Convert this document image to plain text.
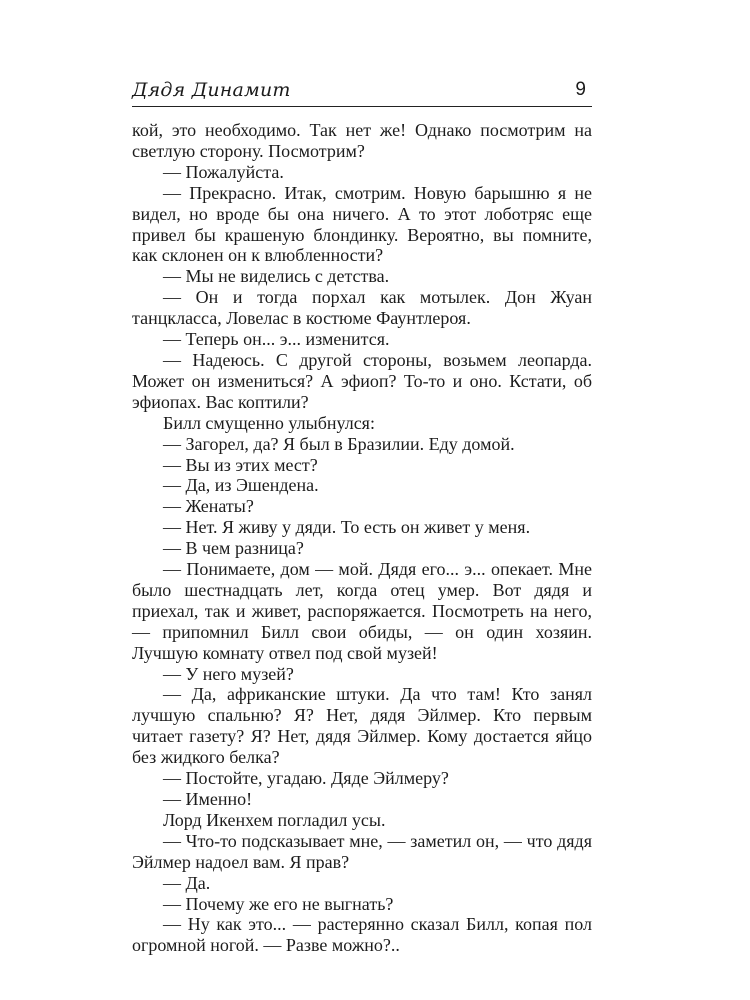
Дядя Динамит	9

кой, это необходимо. Так нет же! Однако посмотрим на светлую сторону. Посмотрим?

— Пожалуйста.

— Прекрасно. Итак, смотрим. Новую барышню я не видел, но вроде бы она ничего. А то этот лоботряс еще привел бы крашеную блондинку. Вероятно, вы помните, как склонен он к влюбленности?

— Мы не виделись с детства.

— Он и тогда порхал как мотылек. Дон Жуан танцкласса, Ловелас в костюме Фаунтлероя.

— Теперь он... э... изменится.

— Надеюсь. С другой стороны, возьмем леопарда. Может он измениться? А эфиоп? То-то и оно. Кстати, об эфиопах. Вас коптили?

Билл смущенно улыбнулся:

— Загорел, да? Я был в Бразилии. Еду домой.

— Вы из этих мест?

— Да, из Эшендена.

— Женаты?

— Нет. Я живу у дяди. То есть он живет у меня.

— В чем разница?

— Понимаете, дом — мой. Дядя его... э... опекает. Мне было шестнадцать лет, когда отец умер. Вот дядя и приехал, так и живет, распоряжается. Посмотреть на него, — припомнил Билл свои обиды, — он один хозяин. Лучшую комнату отвел под свой музей!

— У него музей?

— Да, африканские штуки. Да что там! Кто занял лучшую спальню? Я? Нет, дядя Эйлмер. Кто первым читает газету? Я? Нет, дядя Эйлмер. Кому достается яйцо без жидкого белка?

— Постойте, угадаю. Дяде Эйлмеру?

— Именно!

Лорд Икенхем погладил усы.

— Что-то подсказывает мне, — заметил он, — что дядя Эйлмер надоел вам. Я прав?

— Да.

— Почему же его не выгнать?

— Ну как это... — растерянно сказал Билл, копая пол огромной ногой. — Разве можно?..
